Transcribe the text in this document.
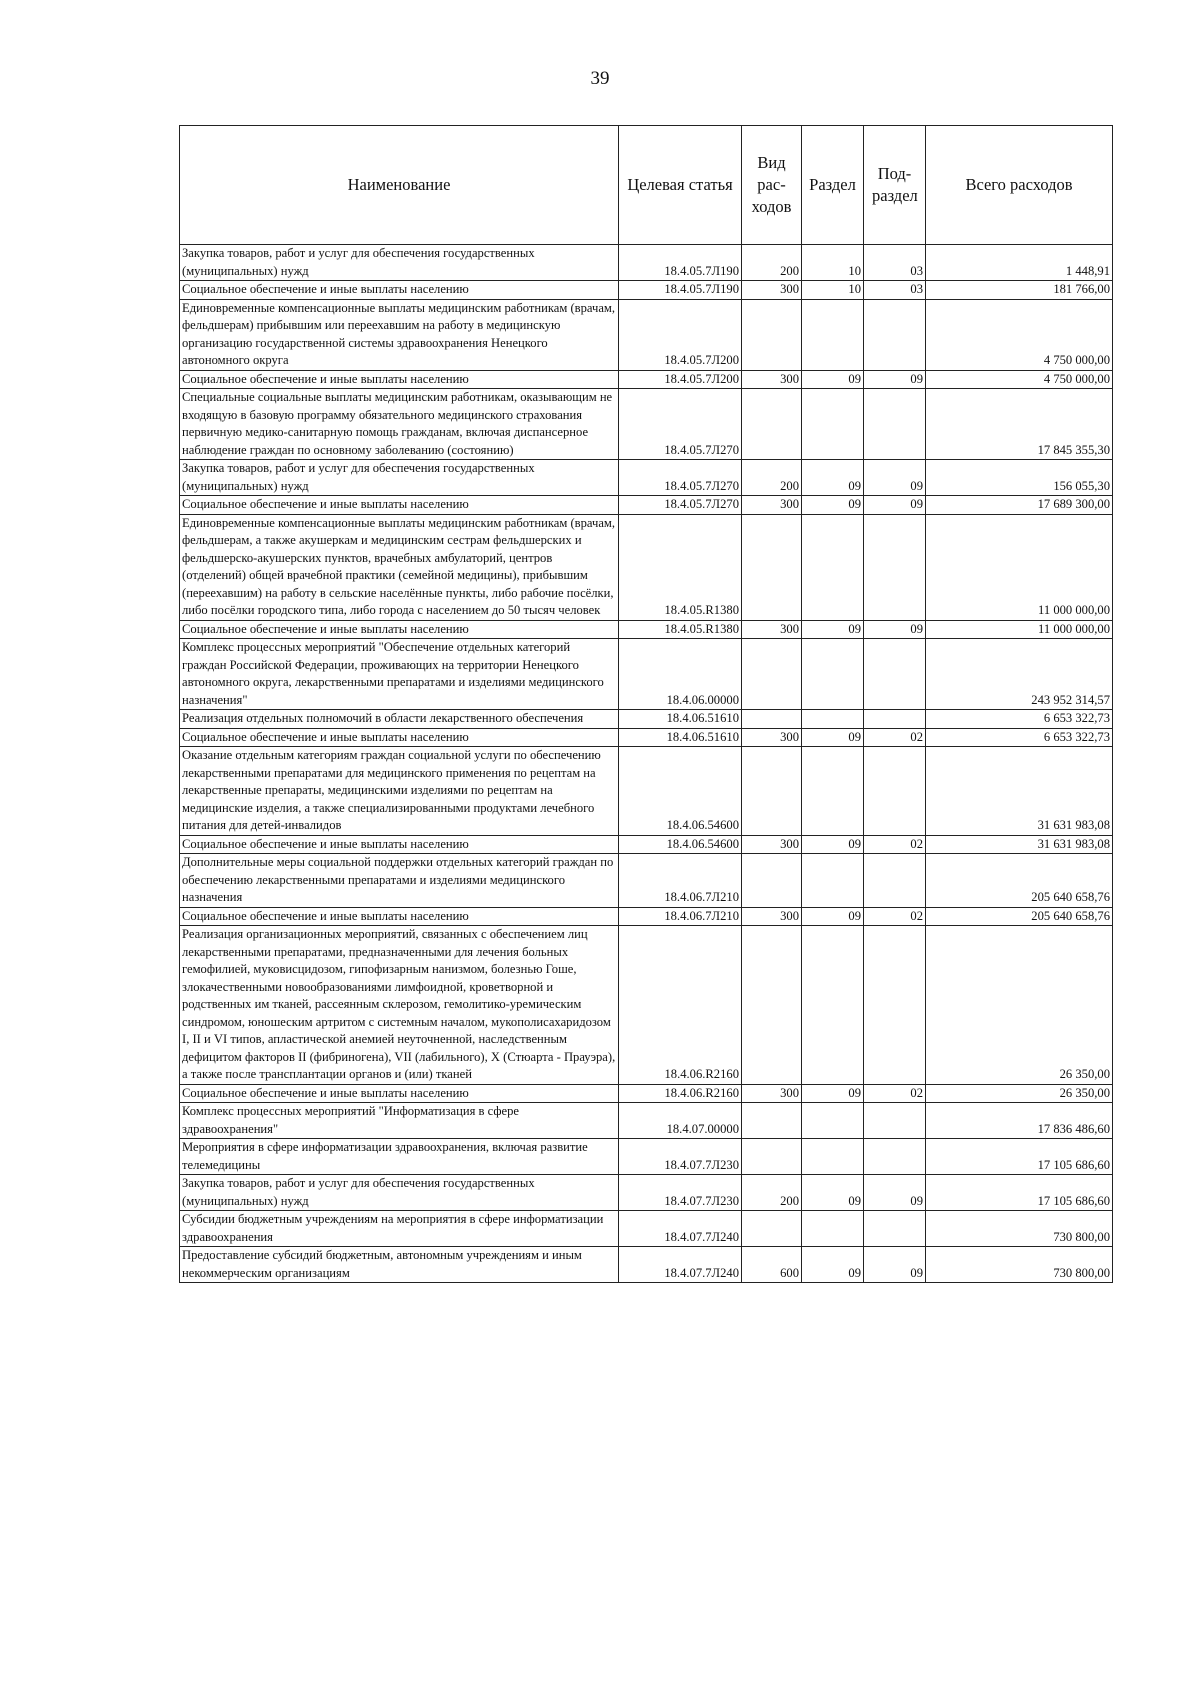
39
Наименование	Целевая статья	Вид рас-ходов	Раздел	Под-раздел	Всего расходов
Закупка товаров, работ и услуг для обеспечения государственных (муниципальных) нужд	18.4.05.7Л190	200	10	03	1 448,91
Социальное обеспечение и иные выплаты населению	18.4.05.7Л190	300	10	03	181 766,00
Единовременные компенсационные выплаты медицинским работникам (врачам, фельдшерам) прибывшим или переехавшим на работу в медицинскую организацию государственной системы здравоохранения Ненецкого автономного округа	18.4.05.7Л200				4 750 000,00
Социальное обеспечение и иные выплаты населению	18.4.05.7Л200	300	09	09	4 750 000,00
Специальные социальные выплаты медицинским работникам, оказывающим не входящую в базовую программу обязательного медицинского страхования первичную медико-санитарную помощь гражданам, включая диспансерное наблюдение граждан по основному заболеванию (состоянию)	18.4.05.7Л270				17 845 355,30
Закупка товаров, работ и услуг для обеспечения государственных (муниципальных) нужд	18.4.05.7Л270	200	09	09	156 055,30
Социальное обеспечение и иные выплаты населению	18.4.05.7Л270	300	09	09	17 689 300,00
Единовременные компенсационные выплаты медицинским работникам (врачам, фельдшерам, а также акушеркам и медицинским сестрам фельдшерских и фельдшерско-акушерских пунктов, врачебных амбулаторий, центров (отделений) общей врачебной практики (семейной медицины), прибывшим (переехавшим) на работу в сельские населённые пункты, либо рабочие посёлки, либо посёлки городского типа, либо города с населением до 50 тысяч человек	18.4.05.R1380				11 000 000,00
Социальное обеспечение и иные выплаты населению	18.4.05.R1380	300	09	09	11 000 000,00
Комплекс процессных мероприятий "Обеспечение отдельных категорий граждан Российской Федерации, проживающих на территории Ненецкого автономного округа, лекарственными препаратами и изделиями медицинского назначения"	18.4.06.00000				243 952 314,57
Реализация отдельных полномочий в области лекарственного обеспечения	18.4.06.51610				6 653 322,73
Социальное обеспечение и иные выплаты населению	18.4.06.51610	300	09	02	6 653 322,73
Оказание отдельным категориям граждан социальной услуги по обеспечению лекарственными препаратами для медицинского применения по рецептам на лекарственные препараты, медицинскими изделиями по рецептам на медицинские изделия, а также специализированными продуктами лечебного питания для детей-инвалидов	18.4.06.54600				31 631 983,08
Социальное обеспечение и иные выплаты населению	18.4.06.54600	300	09	02	31 631 983,08
Дополнительные меры социальной поддержки отдельных категорий граждан по обеспечению лекарственными препаратами и изделиями медицинского назначения	18.4.06.7Л210				205 640 658,76
Социальное обеспечение и иные выплаты населению	18.4.06.7Л210	300	09	02	205 640 658,76
Реализация организационных мероприятий, связанных с обеспечением лиц лекарственными препаратами, предназначенными для лечения больных гемофилией, муковисцидозом, гипофизарным нанизмом, болезнью Гоше, злокачественными новообразованиями лимфоидной, кроветворной и родственных им тканей, рассеянным склерозом, гемолитико-уремическим синдромом, юношеским артритом с системным началом, мукополисахаридозом I, II и VI типов, апластической анемией неуточненной, наследственным дефицитом факторов II (фибриногена), VII (лабильного), X (Стюарта - Прауэра), а также после трансплантации органов и (или) тканей	18.4.06.R2160				26 350,00
Социальное обеспечение и иные выплаты населению	18.4.06.R2160	300	09	02	26 350,00
Комплекс процессных мероприятий "Информатизация в сфере здравоохранения"	18.4.07.00000				17 836 486,60
Мероприятия в сфере информатизации здравоохранения, включая развитие телемедицины	18.4.07.7Л230				17 105 686,60
Закупка товаров, работ и услуг для обеспечения государственных (муниципальных) нужд	18.4.07.7Л230	200	09	09	17 105 686,60
Субсидии бюджетным учреждениям на мероприятия в сфере информатизации здравоохранения	18.4.07.7Л240				730 800,00
Предоставление субсидий бюджетным, автономным учреждениям и иным некоммерческим организациям	18.4.07.7Л240	600	09	09	730 800,00
